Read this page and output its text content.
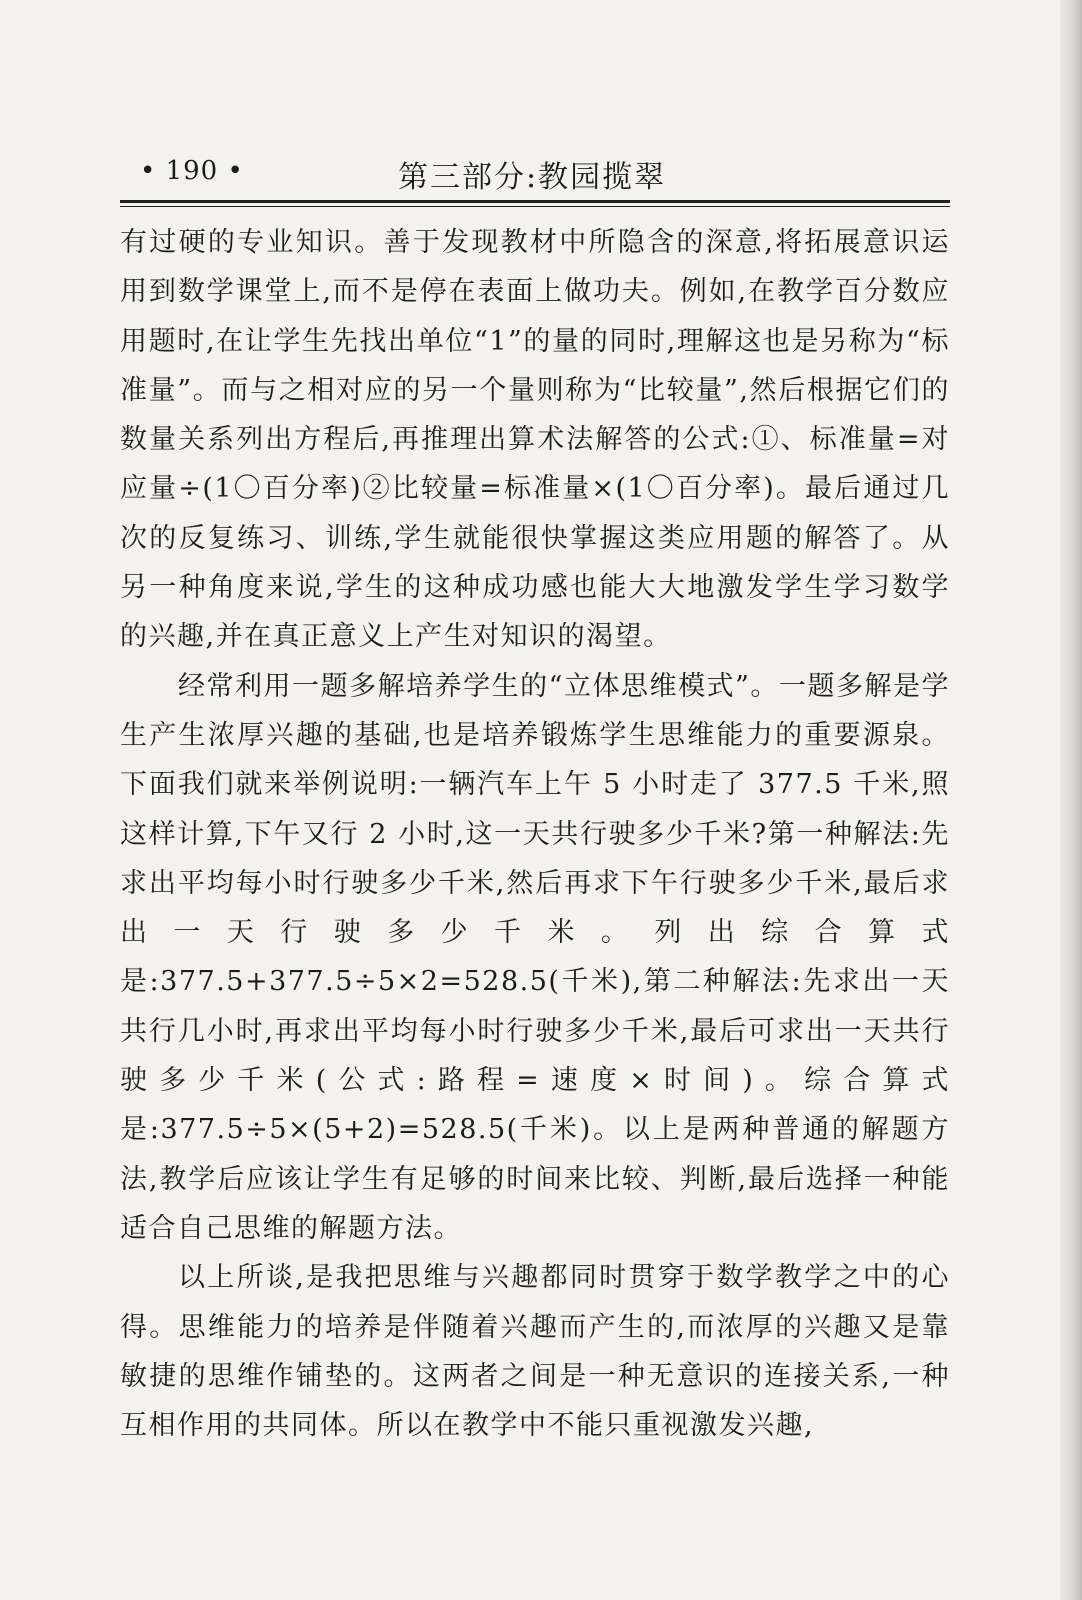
• 190 •	第三部分:教园揽翠

有过硬的专业知识。善于发现教材中所隐含的深意,将拓展意识运用到数学课堂上,而不是停在表面上做功夫。例如,在教学百分数应用题时,在让学生先找出单位“1”的量的同时,理解这也是另称为“标准量”。而与之相对应的另一个量则称为“比较量”,然后根据它们的数量关系列出方程后,再推理出算术法解答的公式:①、标准量=对应量÷(1〇百分率)②比较量=标准量×(1〇百分率)。最后通过几次的反复练习、训练,学生就能很快掌握这类应用题的解答了。从另一种角度来说,学生的这种成功感也能大大地激发学生学习数学的兴趣,并在真正意义上产生对知识的渴望。

经常利用一题多解培养学生的“立体思维模式”。一题多解是学生产生浓厚兴趣的基础,也是培养锻炼学生思维能力的重要源泉。下面我们就来举例说明:一辆汽车上午 5 小时走了 377.5 千米,照这样计算,下午又行 2 小时,这一天共行驶多少千米?第一种解法:先求出平均每小时行驶多少千米,然后再求下午行驶多少千米,最后求出一天行驶多少千米。列出综合算式是:377.5+377.5÷5×2=528.5(千米),第二种解法:先求出一天共行几小时,再求出平均每小时行驶多少千米,最后可求出一天共行驶多少千米(公式:路程=速度×时间)。综合算式是:377.5÷5×(5+2)=528.5(千米)。以上是两种普通的解题方法,教学后应该让学生有足够的时间来比较、判断,最后选择一种能适合自己思维的解题方法。

以上所谈,是我把思维与兴趣都同时贯穿于数学教学之中的心得。思维能力的培养是伴随着兴趣而产生的,而浓厚的兴趣又是靠敏捷的思维作铺垫的。这两者之间是一种无意识的连接关系,一种互相作用的共同体。所以在教学中不能只重视激发兴趣,
